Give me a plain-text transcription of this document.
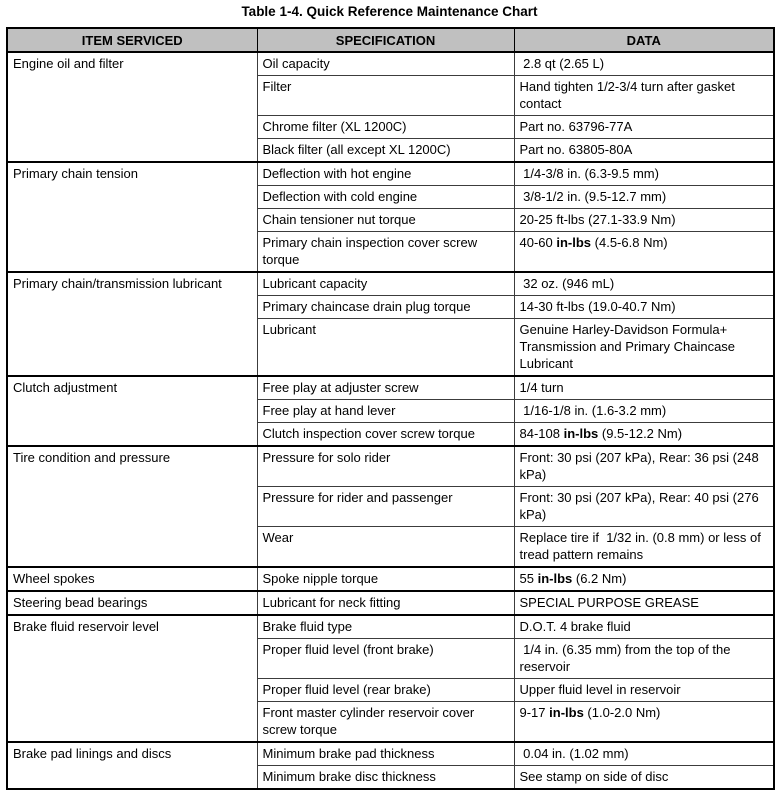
Table 1-4. Quick Reference Maintenance Chart
ITEM SERVICED	SPECIFICATION	DATA
Engine oil and filter	Oil capacity	2.8 qt (2.65 L)
	Filter	Hand tighten 1/2-3/4 turn after gasket contact
	Chrome filter (XL 1200C)	Part no. 63796-77A
	Black filter (all except XL 1200C)	Part no. 63805-80A
Primary chain tension	Deflection with hot engine	1/4-3/8 in. (6.3-9.5 mm)
	Deflection with cold engine	3/8-1/2 in. (9.5-12.7 mm)
	Chain tensioner nut torque	20-25 ft-lbs (27.1-33.9 Nm)
	Primary chain inspection cover screw torque	40-60 in-lbs (4.5-6.8 Nm)
Primary chain/transmission lubricant	Lubricant capacity	32 oz. (946 mL)
	Primary chaincase drain plug torque	14-30 ft-lbs (19.0-40.7 Nm)
	Lubricant	Genuine Harley-Davidson Formula+ Transmission and Primary Chaincase Lubricant
Clutch adjustment	Free play at adjuster screw	1/4 turn
	Free play at hand lever	1/16-1/8 in. (1.6-3.2 mm)
	Clutch inspection cover screw torque	84-108 in-lbs (9.5-12.2 Nm)
Tire condition and pressure	Pressure for solo rider	Front: 30 psi (207 kPa), Rear: 36 psi (248 kPa)
	Pressure for rider and passenger	Front: 30 psi (207 kPa), Rear: 40 psi (276 kPa)
	Wear	Replace tire if  1/32 in. (0.8 mm) or less of tread pattern remains
Wheel spokes	Spoke nipple torque	55 in-lbs (6.2 Nm)
Steering bead bearings	Lubricant for neck fitting	SPECIAL PURPOSE GREASE
Brake fluid reservoir level	Brake fluid type	D.O.T. 4 brake fluid
	Proper fluid level (front brake)	1/4 in. (6.35 mm) from the top of the reservoir
	Proper fluid level (rear brake)	Upper fluid level in reservoir
	Front master cylinder reservoir cover screw torque	9-17 in-lbs (1.0-2.0 Nm)
Brake pad linings and discs	Minimum brake pad thickness	0.04 in. (1.02 mm)
	Minimum brake disc thickness	See stamp on side of disc
